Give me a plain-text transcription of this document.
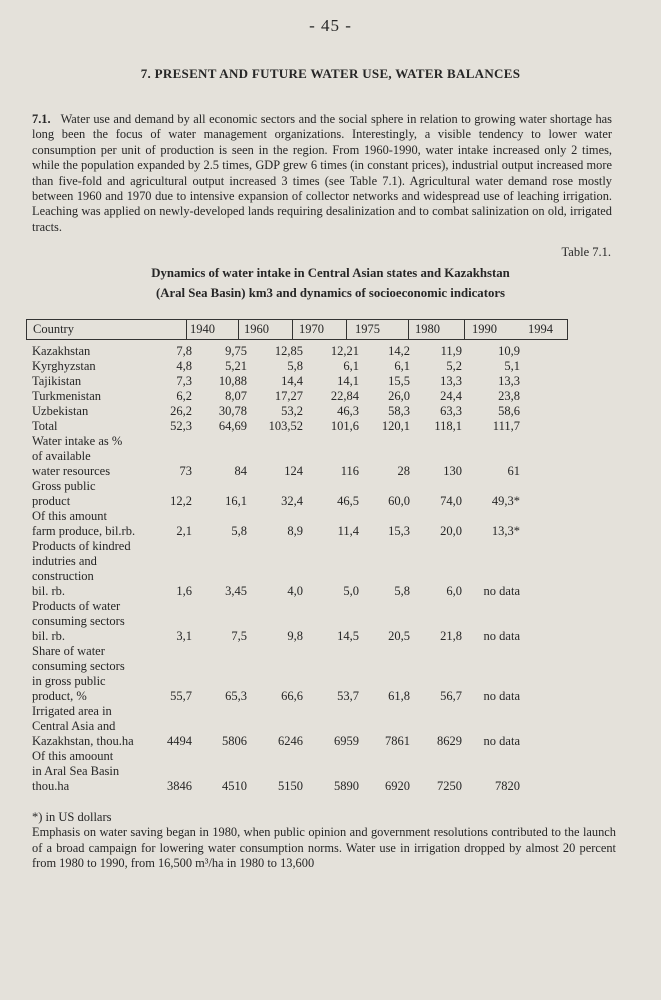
- 45 -
7. PRESENT AND FUTURE WATER USE, WATER BALANCES
7.1. Water use and demand by all economic sectors and the social sphere in relation to growing water shortage has long been the focus of water management organizations. Interestingly, a visible tendency to lower water consumption per unit of production is seen in the region. From 1960-1990, water intake increased only 2 times, while the population expanded by 2.5 times, GDP grew 6 times (in constant prices), industrial output increased more than five-fold and agricultural output increased 3 times (see Table 7.1). Agricultural water demand rose mostly between 1960 and 1970 due to intensive expansion of collector networks and widespread use of leaching irrigation. Leaching was applied on newly-developed lands requiring desalinization and to combat salinization on old, irrigated tracts.
Table 7.1.
Dynamics of water intake in Central Asian states and Kazakhstan
(Aral Sea Basin) km3 and dynamics of socioeconomic indicators
Country	1940 1960 1970 1975	1980	1990 1994
Kazakhstan	7,8	9,75 12,85 12,21 14,2 11,9	10,9
Kyrghyzstan	4,8	5,21	5,8	6,1	6,1	5,2	5,1
Tajikistan	7,3 10,88	14,4	14,1 15,5 13,3	13,3
Turkmenistan	6,2	8,07 17,27 22,84 26,0 24,4	23,8
Uzbekistan	26,2 30,78	53,2	46,3 58,3 63,3	58,6
Total	52,3 64,69 103,52 101,6 120,1 118,1 111,7
Water intake as %
of available
water resources	73	84	124	116	28	130	61
Gross public
product	12,2	16,1	32,4	46,5 60,0 74,0 49,3*
Of this amount
farm produce, bil.rb.	2,1	5,8	8,9	11,4 15,3 20,0 13,3*
Products of kindred
indutries and
construction
bil. rb.	1,6	3,45	4,0	5,0	5,8	6,0 no data
Products of water
consuming sectors
bil. rb.	3,1	7,5	9,8	14,5 20,5 21,8 no data
Share of water
consuming sectors
in gross public
product, %	55,7	65,3	66,6	53,7 61,8 56,7 no data
Irrigated area in
Central Asia and
Kazakhstan, thou.ha	4494 5806 6246 6959 7861 8629 no data
Of this amoount
in Aral Sea Basin
thou.ha	3846 4510 5150 5890 6920 7250	7820
*) in US dollars
Emphasis on water saving began in 1980, when public opinion and government resolutions contributed to the launch of a broad campaign for lowering water consumption norms. Water use in irrigation dropped by almost 20 percent from 1980 to 1990, from 16,500 m³/ha in 1980 to 13,600
